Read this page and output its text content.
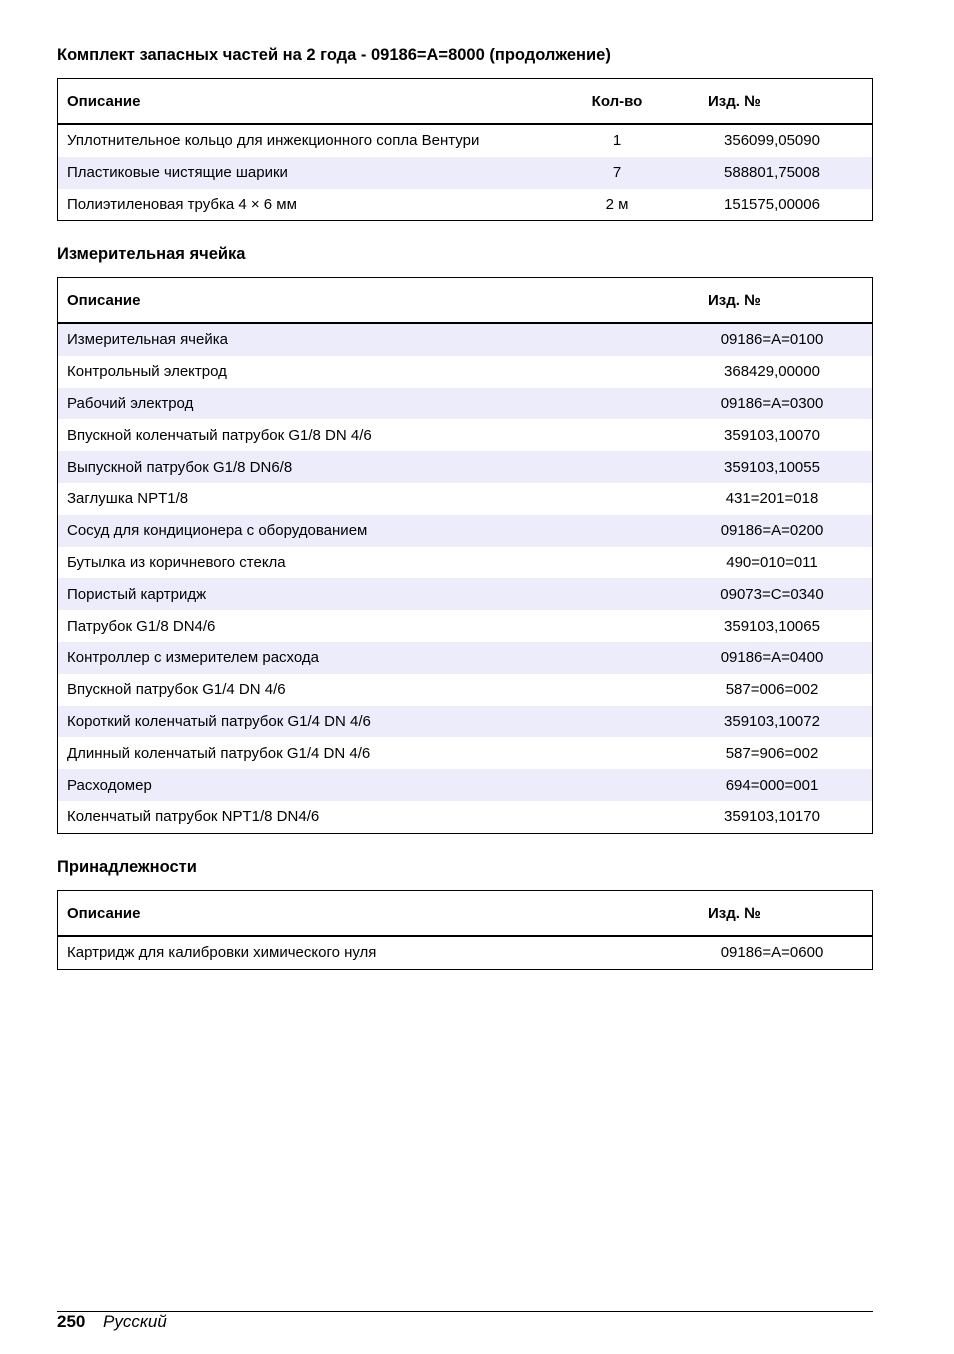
Комплект запасных частей на 2 года - 09186=A=8000 (продолжение)
Описание	Кол-во	Изд. №
Уплотнительное кольцо для инжекционного сопла Вентури	1	356099,05090
Пластиковые чистящие шарики	7	588801,75008
Полиэтиленовая трубка 4 × 6 мм	2 м	151575,00006
Измерительная ячейка
Описание	Изд. №
Измерительная ячейка	09186=A=0100
Контрольный электрод	368429,00000
Рабочий электрод	09186=A=0300
Впускной коленчатый патрубок G1/8 DN 4/6	359103,10070
Выпускной патрубок G1/8 DN6/8	359103,10055
Заглушка NPT1/8	431=201=018
Сосуд для кондиционера с оборудованием	09186=A=0200
Бутылка из коричневого стекла	490=010=011
Пористый картридж	09073=C=0340
Патрубок G1/8 DN4/6	359103,10065
Контроллер с измерителем расхода	09186=A=0400
Впускной патрубок G1/4 DN 4/6	587=006=002
Короткий коленчатый патрубок G1/4 DN 4/6	359103,10072
Длинный коленчатый патрубок G1/4 DN 4/6	587=906=002
Расходомер	694=000=001
Коленчатый патрубок NPT1/8 DN4/6	359103,10170
Принадлежности
Описание	Изд. №
Картридж для калибровки химического нуля	09186=A=0600
250 Русский
